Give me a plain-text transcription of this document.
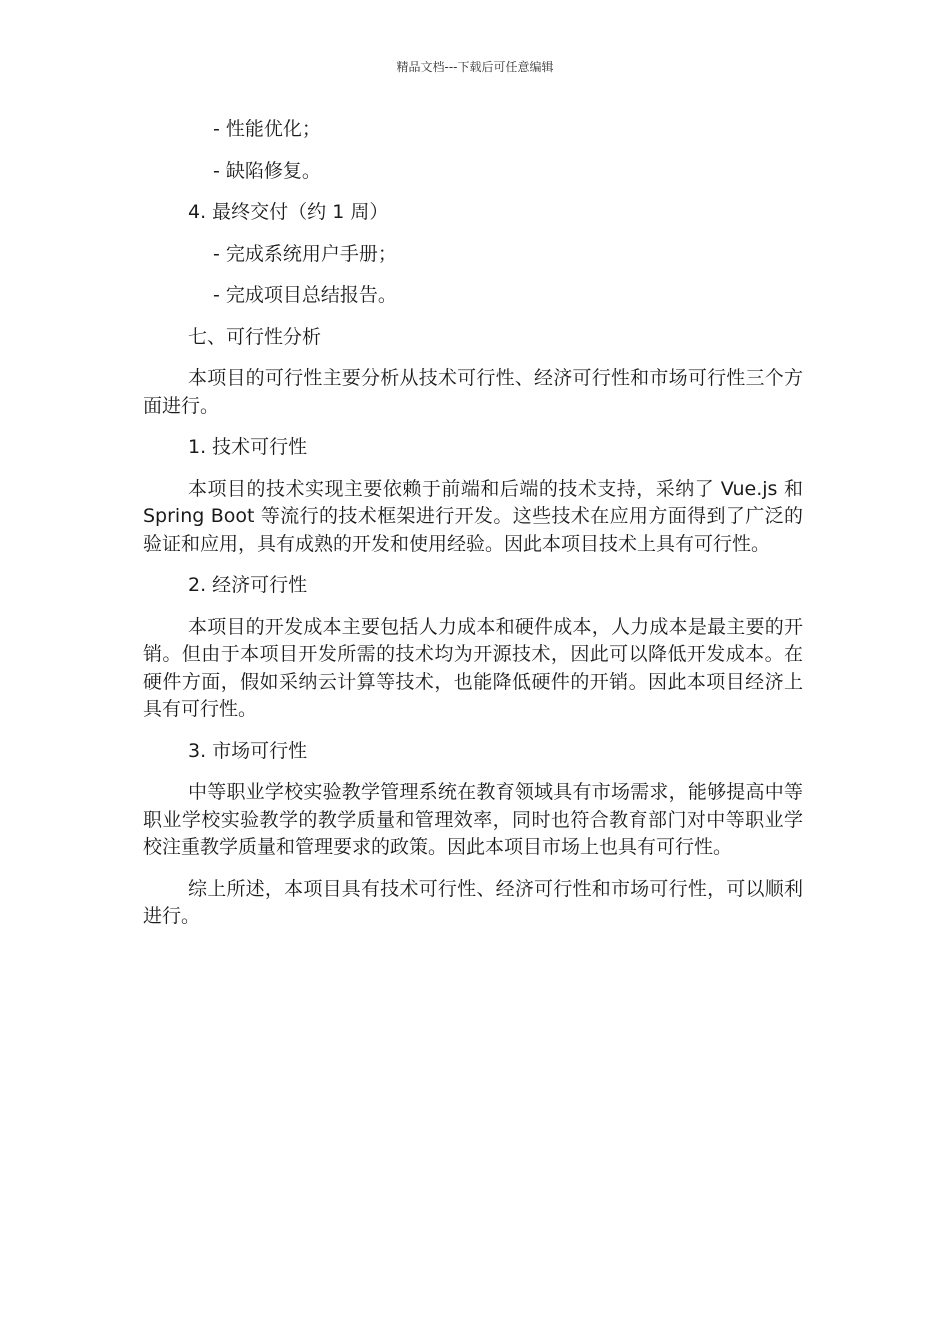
精品文档---下载后可任意编辑

- 性能优化；

- 缺陷修复。

4. 最终交付（约 1 周）

- 完成系统用户手册；

- 完成项目总结报告。

七、可行性分析

本项目的可行性主要分析从技术可行性、经济可行性和市场可行性三个方面进行。

1. 技术可行性

本项目的技术实现主要依赖于前端和后端的技术支持，采纳了 Vue.js 和 Spring Boot 等流行的技术框架进行开发。这些技术在应用方面得到了广泛的验证和应用，具有成熟的开发和使用经验。因此本项目技术上具有可行性。

2. 经济可行性

本项目的开发成本主要包括人力成本和硬件成本，人力成本是最主要的开销。但由于本项目开发所需的技术均为开源技术，因此可以降低开发成本。在硬件方面，假如采纳云计算等技术，也能降低硬件的开销。因此本项目经济上具有可行性。

3. 市场可行性

中等职业学校实验教学管理系统在教育领域具有市场需求，能够提高中等职业学校实验教学的教学质量和管理效率，同时也符合教育部门对中等职业学校注重教学质量和管理要求的政策。因此本项目市场上也具有可行性。

综上所述，本项目具有技术可行性、经济可行性和市场可行性，可以顺利进行。
